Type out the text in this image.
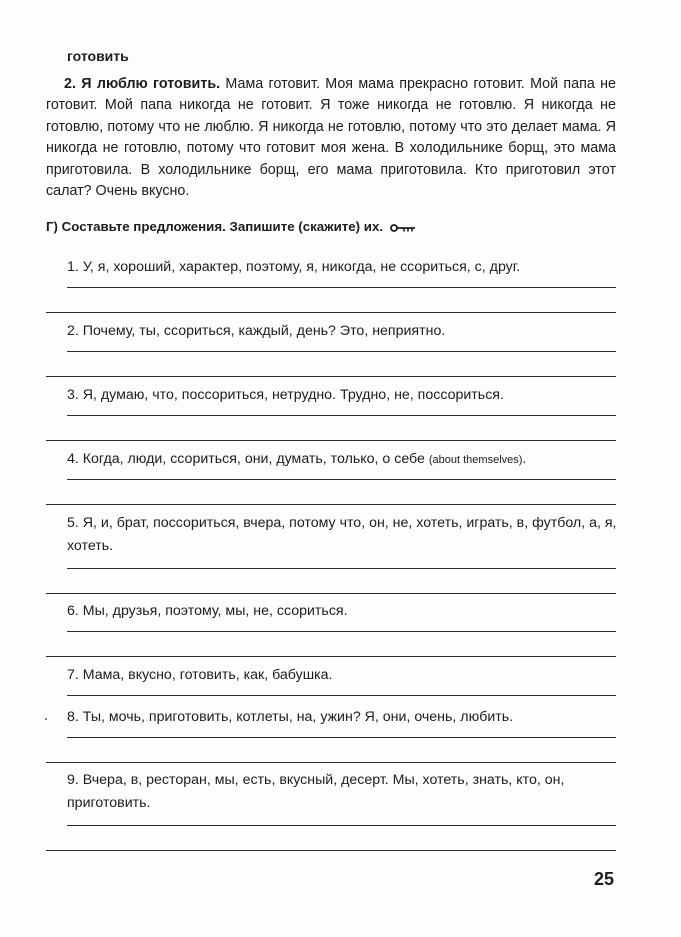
готовить
2. Я люблю готовить. Мама готовит. Моя мама прекрасно готовит. Мой папа не готовит. Мой папа никогда не готовит. Я тоже никогда не готовлю. Я никогда не готовлю, потому что не люблю. Я никогда не готовлю, потому что это делает мама. Я никогда не готовлю, потому что готовит моя жена. В холодильнике борщ, это мама приготовила. В холодильнике борщ, его мама приготовила. Кто приготовил этот салат? Очень вкусно.
Г) Составьте предложения. Запишите (скажите) их.
1. У, я, хороший, характер, поэтому, я, никогда, не ссориться, с, друг.
2. Почему, ты, ссориться, каждый, день? Это, неприятно.
3. Я, думаю, что, поссориться, нетрудно. Трудно, не, поссориться.
4. Когда, люди, ссориться, они, думать, только, о себе (about themselves).
5. Я, и, брат, поссориться, вчера, потому что, он, не, хотеть, играть, в, футбол, а, я, хотеть.
6. Мы, друзья, поэтому, мы, не, ссориться.
7. Мама, вкусно, готовить, как, бабушка.
8. Ты, мочь, приготовить, котлеты, на, ужин? Я, они, очень, любить.
9. Вчера, в, ресторан, мы, есть, вкусный, десерт. Мы, хотеть, знать, кто, он, приготовить.
25
